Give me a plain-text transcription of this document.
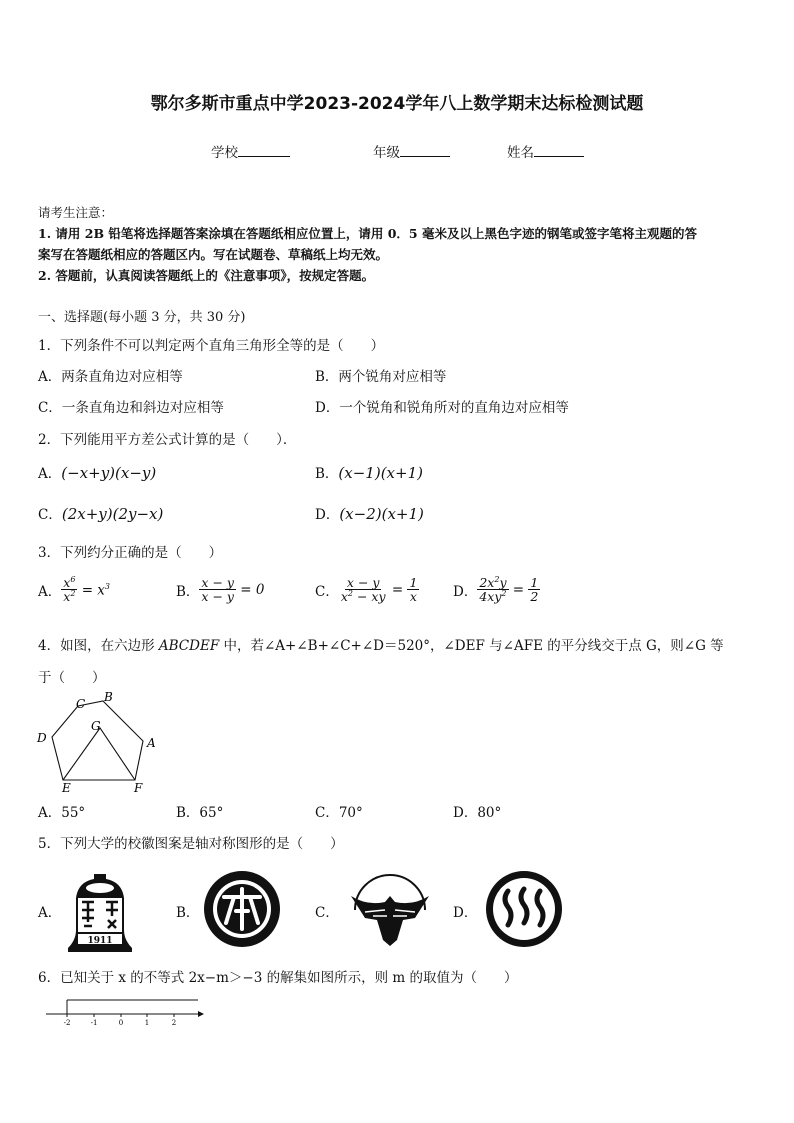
鄂尔多斯市重点中学2023-2024学年八上数学期末达标检测试题
学校	年级	姓名
请考生注意：
1. 请用 2B 铅笔将选择题答案涂填在答题纸相应位置上，请用 0．5 毫米及以上黑色字迹的钢笔或签字笔将主观题的答
案写在答题纸相应的答题区内。写在试题卷、草稿纸上均无效。
2. 答题前，认真阅读答题纸上的《注意事项》，按规定答题。
一、选择题(每小题 3 分，共 30 分)
1．下列条件不可以判定两个直角三角形全等的是（　　）
A．两条直角边对应相等	B．两个锐角对应相等
C．一条直角边和斜边对应相等	D．一个锐角和锐角所对的直角边对应相等
2．下列能用平方差公式计算的是（　　）．
A．(−x+y)(x−y)	B．(x−1)(x+1)
C．(2x+y)(2y−x)	D．(x−2)(x+1)
3．下列约分正确的是（　　）
A． $\frac{x^6}{x^2} = x^3$	B． $\frac{x - y}{x - y} = 0$	C． $\frac{x - y}{x^2 - xy} = \frac{1}{x}$ D． $\frac{2x^2y}{4xy^2} = \frac{1}{2}$
4．如图，在六边形 ABCDEF 中，若∠A+∠B+∠C+∠D＝520°，∠DEF 与∠AFE 的平分线交于点 G，则∠G 等
于（　　）
B
C
D	A
G
E	F
A．55°	B．65°	C．70°	D．80°
5．下列大学的校徽图案是轴对称图形的是（　　）
A．
1911
B．	C．	D．
6．已知关于 x 的不等式 2x−m＞−3 的解集如图所示，则 m 的取值为（　　）
-2	-1	0	1	2
